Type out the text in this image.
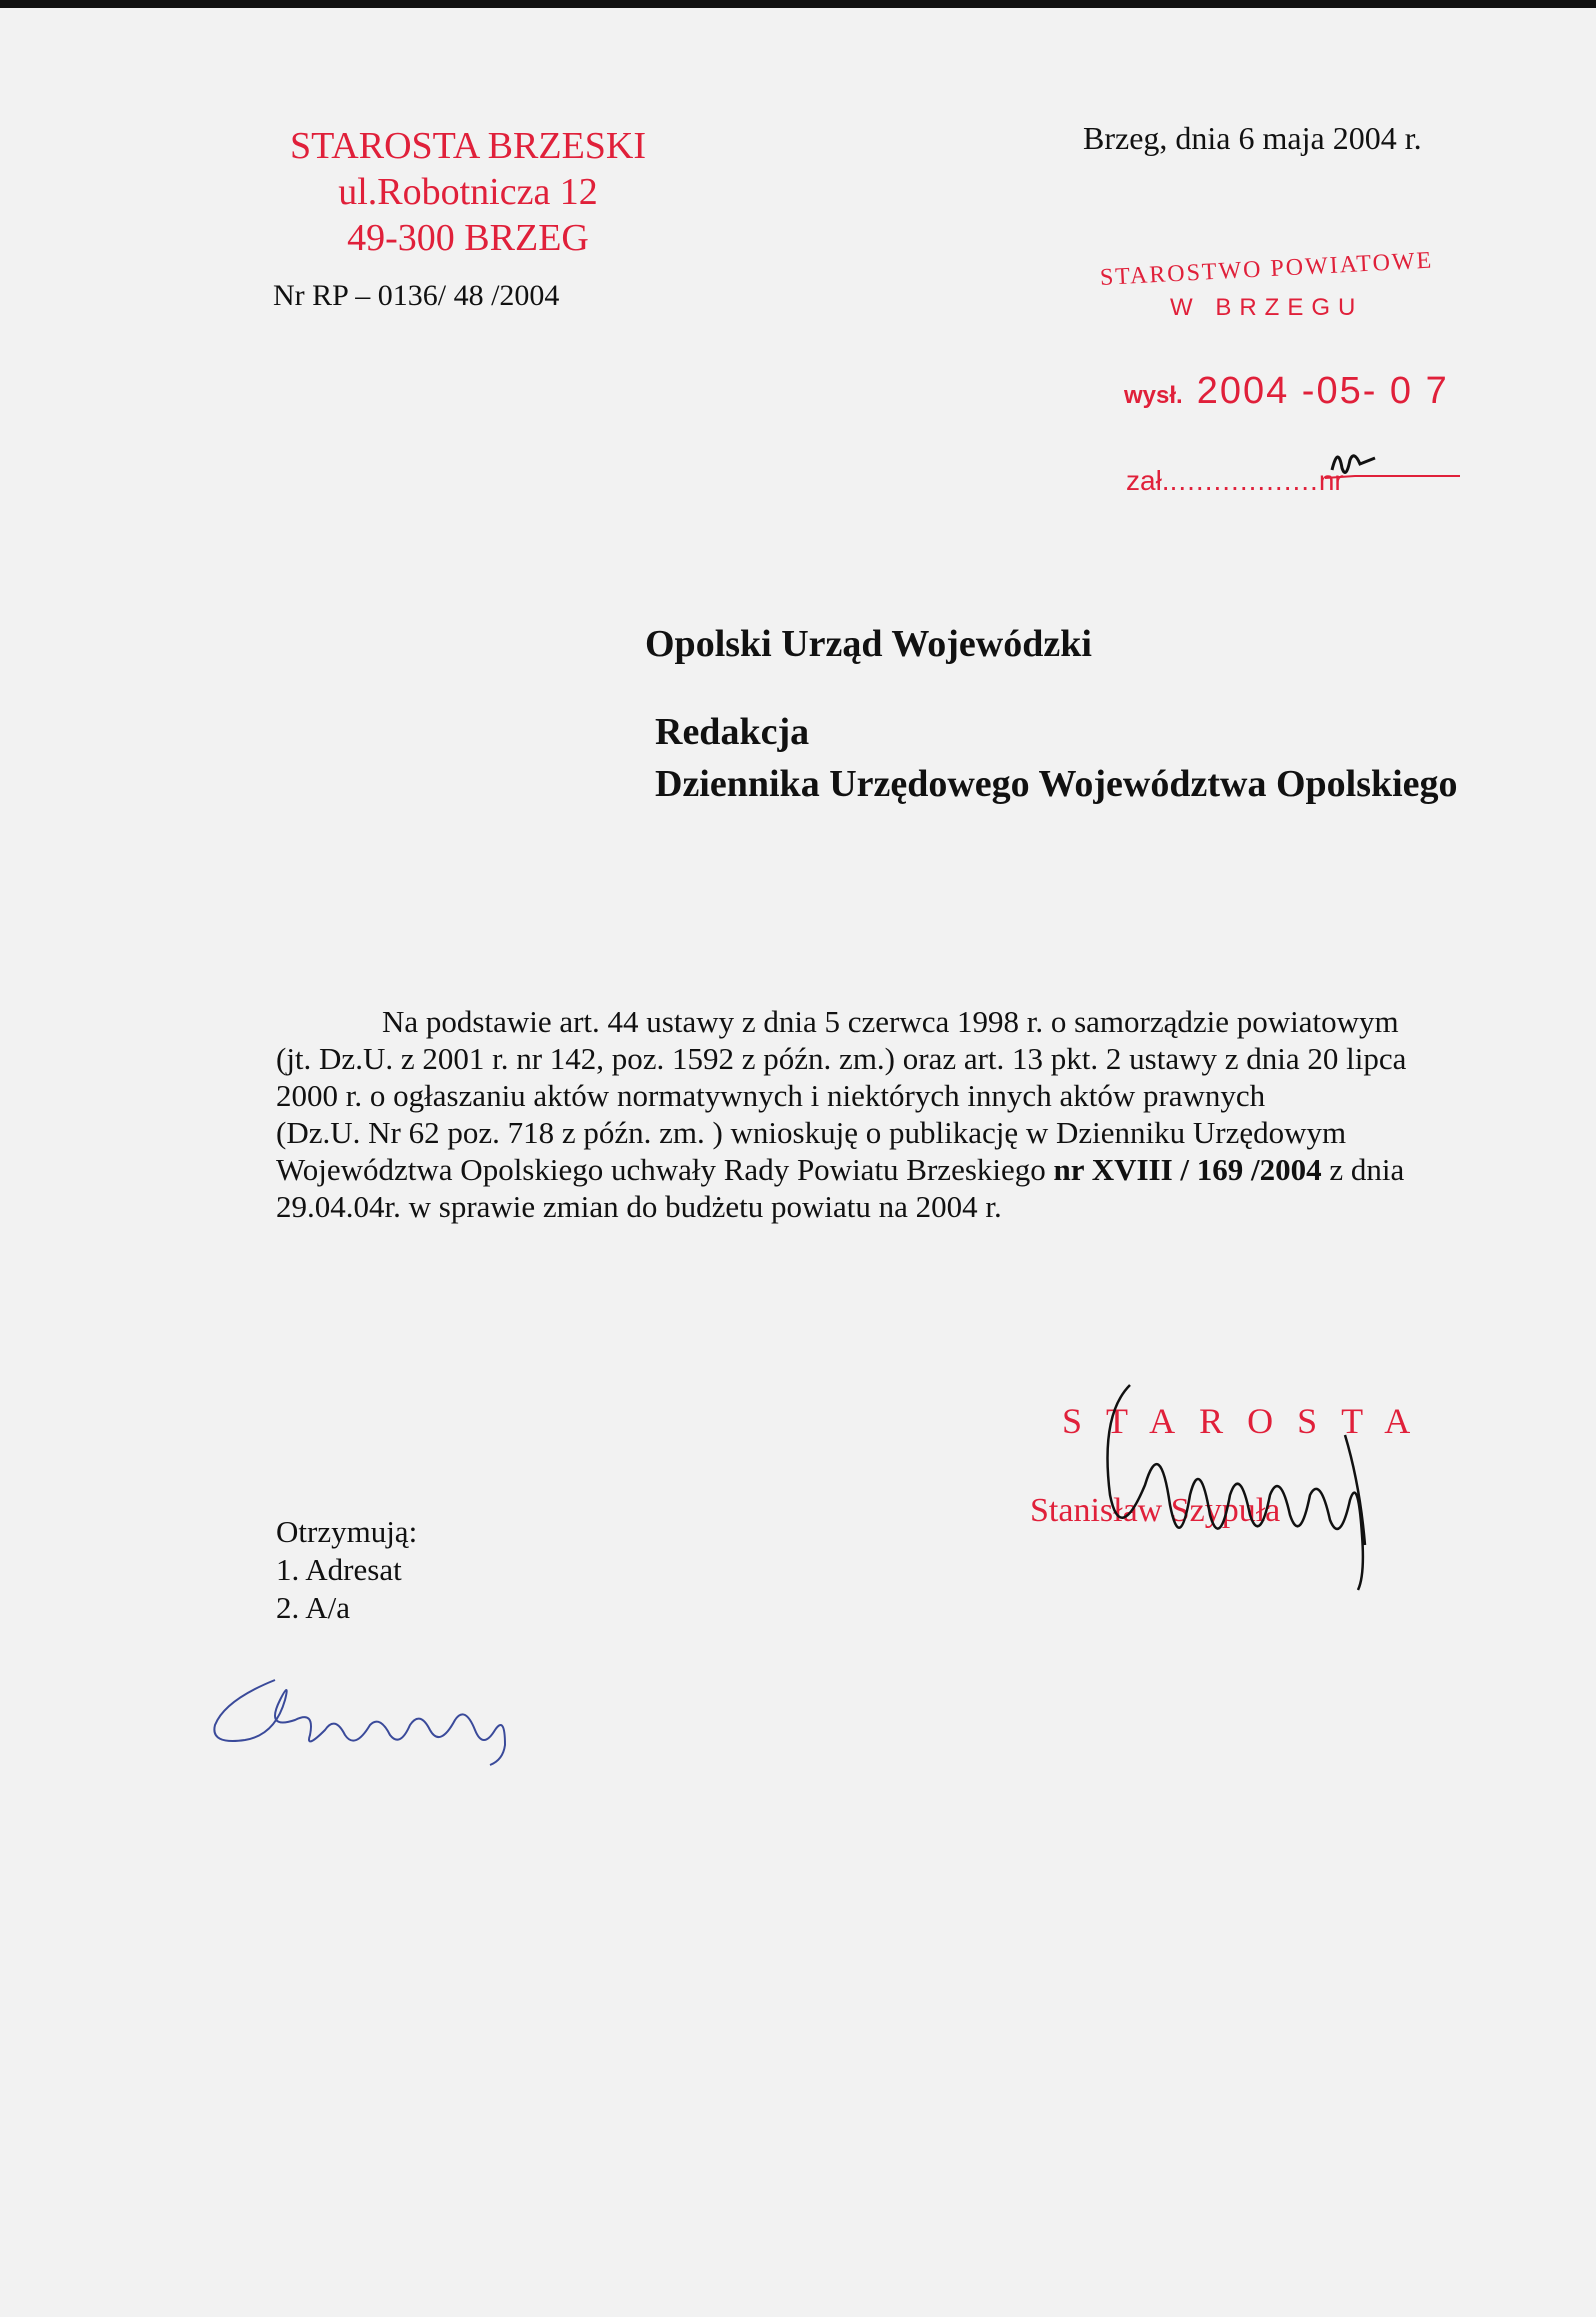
STAROSTA BRZESKI
ul.Robotnicza 12
49-300 BRZEG
Brzeg, dnia 6 maja 2004 r.
Nr RP – 0136/ 48 /2004
STAROSTWO POWIATOWE
W BRZEGU
wysł. 2004 -05- 0 7
zał..................nr
Opolski Urząd Wojewódzki
Redakcja
Dziennika Urzędowego Województwa Opolskiego
Na podstawie art. 44 ustawy z dnia 5 czerwca 1998 r. o samorządzie powiatowym
(jt. Dz.U. z 2001 r. nr 142, poz. 1592 z późn. zm.) oraz art. 13 pkt. 2 ustawy z dnia 20 lipca
2000 r. o ogłaszaniu aktów normatywnych i niektórych innych aktów prawnych
(Dz.U. Nr 62 poz. 718 z późn. zm. ) wnioskuję o publikację w Dzienniku Urzędowym
Województwa Opolskiego uchwały Rady Powiatu Brzeskiego nr XVIII / 169 /2004 z dnia
29.04.04r. w sprawie zmian do budżetu powiatu na 2004 r.
STAROSTA
Stanisław Szypuła
Otrzymują:
1. Adresat
2. A/a
